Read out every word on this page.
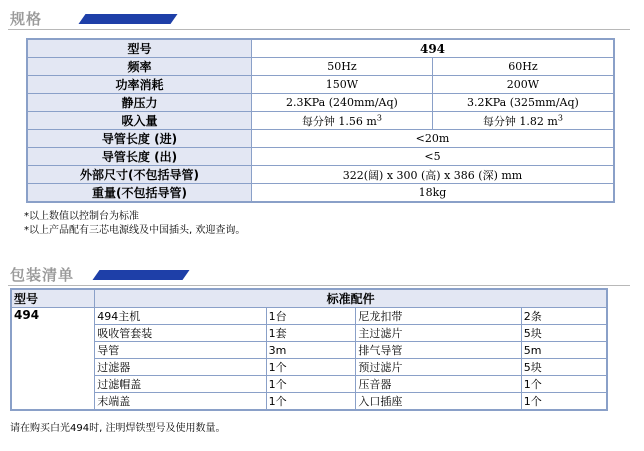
规格
型号	494	
频率	50Hz	60Hz
功率消耗	150W	200W
静压力	2.3KPa (240mm/Aq)	3.2KPa (325mm/Aq)
吸入量	每分钟 1.56 $m^3$	每分钟 1.82 $m^3$
导管长度 (进)	<20m	
导管长度 (出)	<5	
外部尺寸(不包括导管)	322(阔) x 300 (高) x 386 (深) mm	
重量(不包括导管)	18kg	
*以上数值以控制台为标准
*以上产品配有三芯电源线及中国插头, 欢迎查询。
包装清单
型号	标准配件			
494	494主机	1台	尼龙扣带	2条
	吸收管套装	1套	主过滤片	5块
	导管	3m	排气导管	5m
	过滤器	1个	预过滤片	5块
	过滤帽盖	1个	压音器	1个
	末端盖	1个	入口插座	1个
请在购买白光494时, 注明焊铁型号及使用数量。
